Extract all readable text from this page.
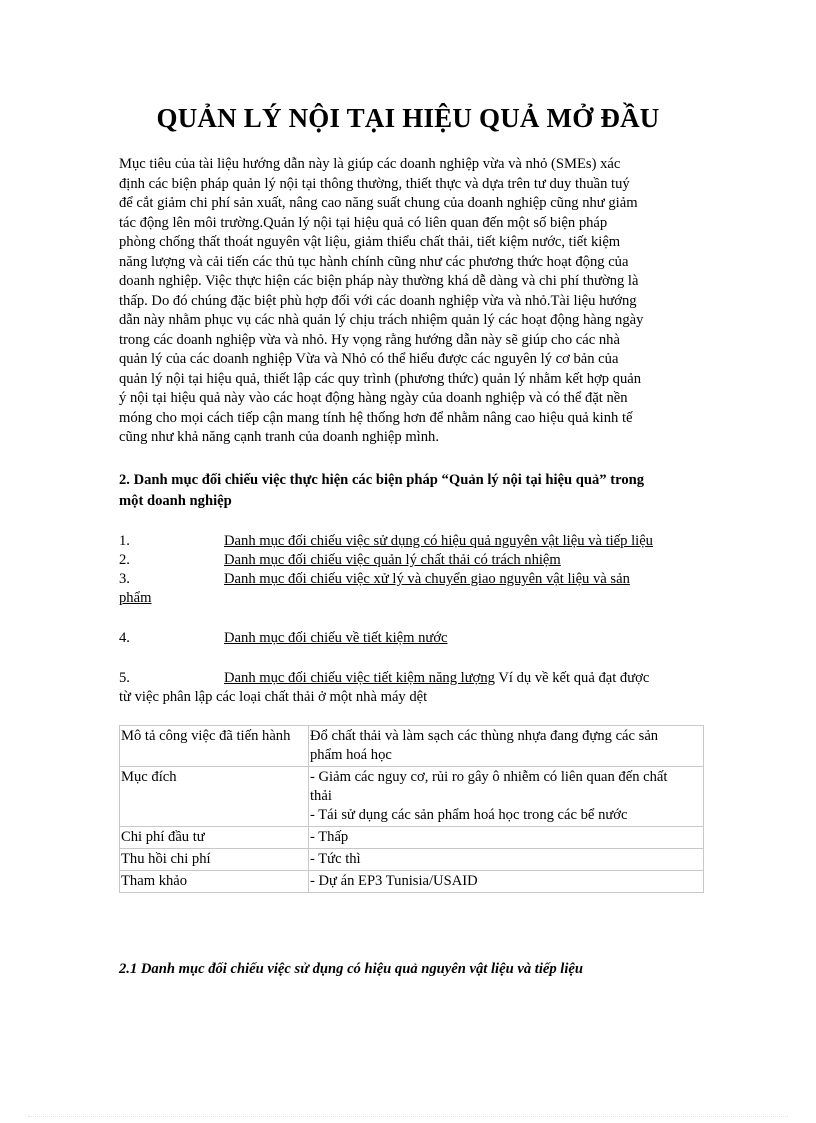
QUẢN LÝ NỘI TẠI HIỆU QUẢ MỞ ĐẦU

Mục tiêu của tài liệu hướng dẫn này là giúp các doanh nghiệp vừa và nhỏ (SMEs) xác
định các biện pháp quản lý nội tại thông thường, thiết thực và dựa trên tư duy thuần tuý
để cắt giảm chi phí sản xuất, nâng cao năng suất chung của doanh nghiệp cũng như giảm
tác động lên môi trường.Quản lý nội tại hiệu quả có liên quan đến một số biện pháp
phòng chống thất thoát nguyên vật liệu, giảm thiểu chất thải, tiết kiệm nước, tiết kiệm
năng lượng và cải tiến các thủ tục hành chính cũng như các phương thức hoạt động của
doanh nghiệp. Việc thực hiện các biện pháp này thường khá dễ dàng và chi phí thường là
thấp. Do đó chúng đặc biệt phù hợp đối với các doanh nghiệp vừa và nhỏ.Tài liệu hướng
dẫn này nhằm phục vụ các nhà quản lý chịu trách nhiệm quản lý các hoạt động hàng ngày
trong các doanh nghiệp vừa và nhỏ. Hy vọng rằng hướng dẫn này sẽ giúp cho các nhà
quản lý của các doanh nghiệp Vừa và Nhỏ có thể hiểu được các nguyên lý cơ bản của
quản lý nội tại hiệu quả, thiết lập các quy trình (phương thức) quản lý nhằm kết hợp quản
ý nội tại hiệu quả này vào các hoạt động hàng ngày của doanh nghiệp và có thể đặt nền
móng cho mọi cách tiếp cận mang tính hệ thống hơn để nhằm nâng cao hiệu quả kinh tế
cũng như khả năng cạnh tranh của doanh nghiệp mình.

2. Danh mục đối chiếu việc thực hiện các biện pháp “Quản lý nội tại hiệu quả” trong
một doanh nghiệp
1.	Danh mục đối chiếu việc sử dụng có hiệu quả nguyên vật liệu và tiếp liệu
2.	Danh mục đối chiếu việc quản lý chất thải có trách nhiệm
3.	Danh mục đối chiếu việc xử lý và chuyển giao nguyên vật liệu và sản
phẩm
4.	Danh mục đối chiếu về tiết kiệm nước
5.	Danh mục đối chiếu việc tiết kiệm năng lượng Ví dụ về kết quả đạt được
từ việc phân lập các loại chất thải ở một nhà máy dệt
Mô tả công việc đã tiến hành	Đổ chất thải và làm sạch các thùng nhựa đang đựng các sản
phẩm hoá học

Mục đích	- Giảm các nguy cơ, rủi ro gây ô nhiễm có liên quan đến chất
thải
- Tái sử dụng các sản phẩm hoá học trong các bể nước

Chi phí đầu tư	- Thấp

Thu hồi chi phí	- Tức thì

Tham khảo	- Dự án EP3 Tunisia/USAID
2.1 Danh mục đối chiếu việc sử dụng có hiệu quả nguyên vật liệu và tiếp liệu
